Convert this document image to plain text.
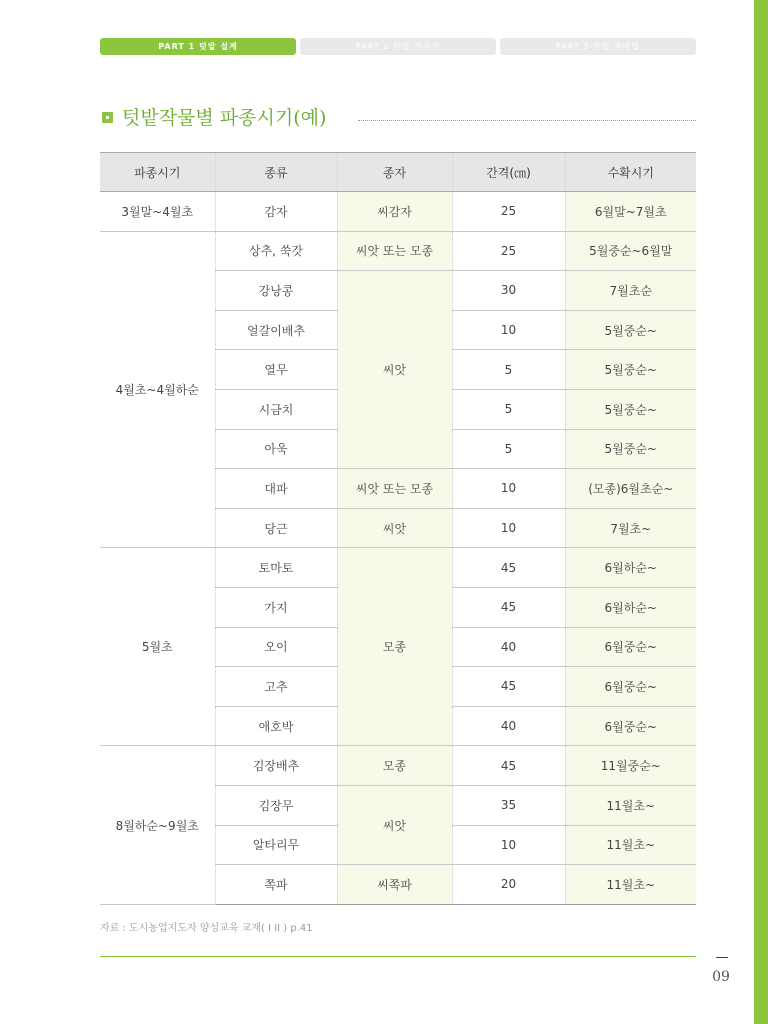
PART 1 텃밭 설계	PART 2 텃밭 가꾸기	PART 3 작물 재배법
텃밭작물별 파종시기(예)
파종시기	종류	종자	간격(㎝)	수확시기
3월말~4월초	감자	씨감자	25	6월말~7월초
4월초~4월하순	상추, 쑥갓	씨앗 또는 모종	25	5월중순~6월말
	강낭콩	씨앗	30	7월초순
	얼갈이배추		10	5월중순~
	열무		5	5월중순~
	시금치		5	5월중순~
	아욱		5	5월중순~
	대파	씨앗 또는 모종	10	(모종)6월초순~
	당근	씨앗	10	7월초~
5월초	토마토	모종	45	6월하순~
	가지		45	6월하순~
	오이		40	6월중순~
	고추		45	6월중순~
	애호박		40	6월중순~
8월하순~9월초	김장배추	모종	45	11월중순~
	김장무	씨앗	35	11월초~
	알타리무		10	11월초~
	쪽파	씨쪽파	20	11월초~
자료 : 도시농업지도자 양성교육 교재( I II ) p.41
09
